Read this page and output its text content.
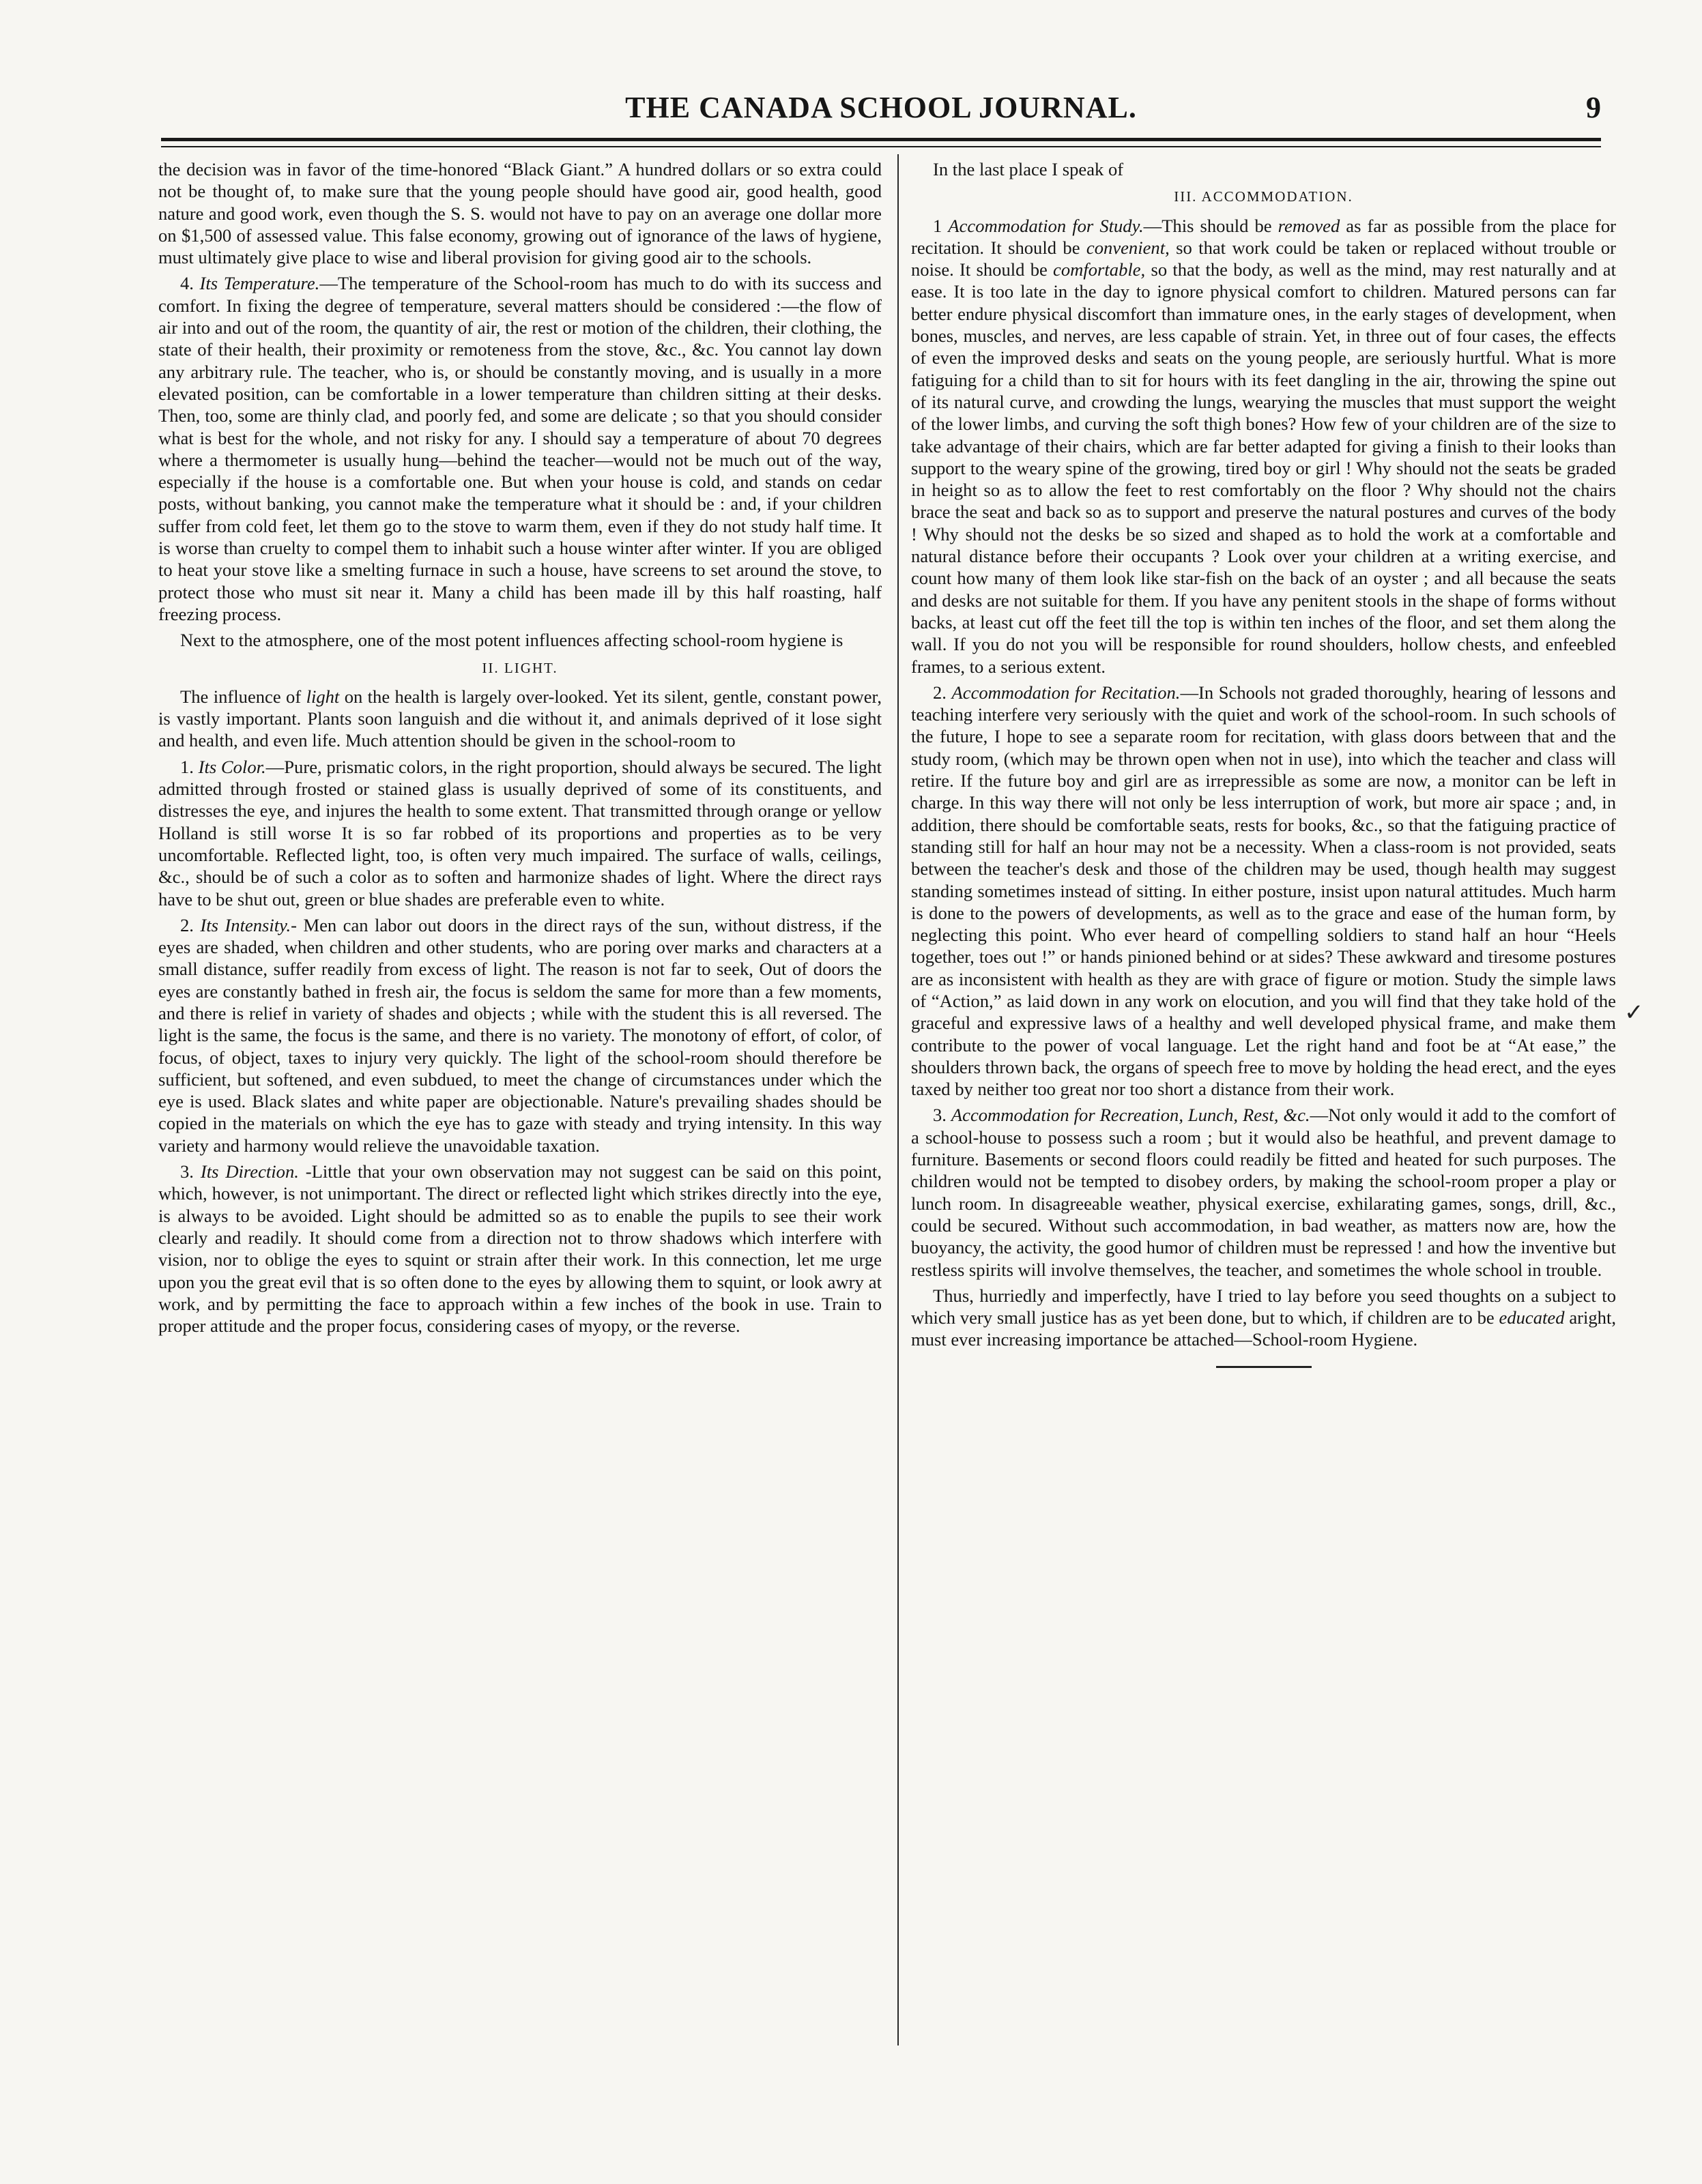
THE CANADA SCHOOL JOURNAL.	9

the decision was in favor of the time-honored “Black Giant.” A hundred dollars or so extra could not be thought of, to make sure that the young people should have good air, good health, good nature and good work, even though the S. S. would not have to pay on an average one dollar more on $1,500 of assessed value. This false economy, growing out of ignorance of the laws of hygiene, must ultimately give place to wise and liberal provision for giving good air to the schools.

4. Its Temperature.—The temperature of the School-room has much to do with its success and comfort. In fixing the degree of temperature, several matters should be considered :—the flow of air into and out of the room, the quantity of air, the rest or motion of the children, their clothing, the state of their health, their proximity or remoteness from the stove, &c., &c. You cannot lay down any arbitrary rule. The teacher, who is, or should be constantly moving, and is usually in a more elevated position, can be comfortable in a lower temperature than children sitting at their desks. Then, too, some are thinly clad, and poorly fed, and some are delicate ; so that you should consider what is best for the whole, and not risky for any. I should say a temperature of about 70 degrees where a thermometer is usually hung—behind the teacher—would not be much out of the way, especially if the house is a comfortable one. But when your house is cold, and stands on cedar posts, without banking, you cannot make the temperature what it should be : and, if your children suffer from cold feet, let them go to the stove to warm them, even if they do not study half time. It is worse than cruelty to compel them to inhabit such a house winter after winter. If you are obliged to heat your stove like a smelting furnace in such a house, have screens to set around the stove, to protect those who must sit near it. Many a child has been made ill by this half roasting, half freezing process.

Next to the atmosphere, one of the most potent influences affecting school-room hygiene is

II. LIGHT.

The influence of light on the health is largely over-looked. Yet its silent, gentle, constant power, is vastly important. Plants soon languish and die without it, and animals deprived of it lose sight and health, and even life. Much attention should be given in the school-room to

1. Its Color.—Pure, prismatic colors, in the right proportion, should always be secured. The light admitted through frosted or stained glass is usually deprived of some of its constituents, and distresses the eye, and injures the health to some extent. That transmitted through orange or yellow Holland is still worse It is so far robbed of its proportions and properties as to be very uncomfortable. Reflected light, too, is often very much impaired. The surface of walls, ceilings, &c., should be of such a color as to soften and harmonize shades of light. Where the direct rays have to be shut out, green or blue shades are preferable even to white.

2. Its Intensity.- Men can labor out doors in the direct rays of the sun, without distress, if the eyes are shaded, when children and other students, who are poring over marks and characters at a small distance, suffer readily from excess of light. The reason is not far to seek, Out of doors the eyes are constantly bathed in fresh air, the focus is seldom the same for more than a few moments, and there is relief in variety of shades and objects ; while with the student this is all reversed. The light is the same, the focus is the same, and there is no variety. The monotony of effort, of color, of focus, of object, taxes to injury very quickly. The light of the school-room should therefore be sufficient, but softened, and even subdued, to meet the change of circumstances under which the eye is used. Black slates and white paper are objectionable. Nature's prevailing shades should be copied in the materials on which the eye has to gaze with steady and trying intensity. In this way variety and harmony would relieve the unavoidable taxation.

3. Its Direction. -Little that your own observation may not suggest can be said on this point, which, however, is not unimportant. The direct or reflected light which strikes directly into the eye, is always to be avoided. Light should be admitted so as to enable the pupils to see their work clearly and readily. It should come from a direction not to throw shadows which interfere with vision, nor to oblige the eyes to squint or strain after their work. In this connection, let me urge upon you the great evil that is so often done to the eyes by allowing them to squint, or look awry at work, and by permitting the face to approach within a few inches of the book in use. Train to proper attitude and the proper focus, considering cases of myopy, or the reverse.

In the last place I speak of

III. ACCOMMODATION.

1 Accommodation for Study.—This should be removed as far as possible from the place for recitation. It should be convenient, so that work could be taken or replaced without trouble or noise. It should be comfortable, so that the body, as well as the mind, may rest naturally and at ease. It is too late in the day to ignore physical comfort to children. Matured persons can far better endure physical discomfort than immature ones, in the early stages of development, when bones, muscles, and nerves, are less capable of strain. Yet, in three out of four cases, the effects of even the improved desks and seats on the young people, are seriously hurtful. What is more fatiguing for a child than to sit for hours with its feet dangling in the air, throwing the spine out of its natural curve, and crowding the lungs, wearying the muscles that must support the weight of the lower limbs, and curving the soft thigh bones? How few of your children are of the size to take advantage of their chairs, which are far better adapted for giving a finish to their looks than support to the weary spine of the growing, tired boy or girl ! Why should not the seats be graded in height so as to allow the feet to rest comfortably on the floor ? Why should not the chairs brace the seat and back so as to support and preserve the natural postures and curves of the body ! Why should not the desks be so sized and shaped as to hold the work at a comfortable and natural distance before their occupants ? Look over your children at a writing exercise, and count how many of them look like star-fish on the back of an oyster ; and all because the seats and desks are not suitable for them. If you have any penitent stools in the shape of forms without backs, at least cut off the feet till the top is within ten inches of the floor, and set them along the wall. If you do not you will be responsible for round shoulders, hollow chests, and enfeebled frames, to a serious extent.

2. Accommodation for Recitation.—In Schools not graded thoroughly, hearing of lessons and teaching interfere very seriously with the quiet and work of the school-room. In such schools of the future, I hope to see a separate room for recitation, with glass doors between that and the study room, (which may be thrown open when not in use), into which the teacher and class will retire. If the future boy and girl are as irrepressible as some are now, a monitor can be left in charge. In this way there will not only be less interruption of work, but more air space ; and, in addition, there should be comfortable seats, rests for books, &c., so that the fatiguing practice of standing still for half an hour may not be a necessity. When a class-room is not provided, seats between the teacher's desk and those of the children may be used, though health may suggest standing sometimes instead of sitting. In either posture, insist upon natural attitudes. Much harm is done to the powers of developments, as well as to the grace and ease of the human form, by neglecting this point. Who ever heard of compelling soldiers to stand half an hour “Heels together, toes out !” or hands pinioned behind or at sides? These awkward and tiresome postures are as inconsistent with health as they are with grace of figure or motion. Study the simple laws of “Action,” as laid down in any work on elocution, and you will find that they take hold of the graceful and expressive laws of a healthy and well developed physical frame, and make them contribute to the power of vocal language. Let the right hand and foot be at “At ease,” the shoulders thrown back, the organs of speech free to move by holding the head erect, and the eyes taxed by neither too great nor too short a distance from their work.

3. Accommodation for Recreation, Lunch, Rest, &c.—Not only would it add to the comfort of a school-house to possess such a room ; but it would also be heathful, and prevent damage to furniture. Basements or second floors could readily be fitted and heated for such purposes. The children would not be tempted to disobey orders, by making the school-room proper a play or lunch room. In disagreeable weather, physical exercise, exhilarating games, songs, drill, &c., could be secured. Without such accommodation, in bad weather, as matters now are, how the buoyancy, the activity, the good humor of children must be repressed ! and how the inventive but restless spirits will involve themselves, the teacher, and sometimes the whole school in trouble.

Thus, hurriedly and imperfectly, have I tried to lay before you seed thoughts on a subject to which very small justice has as yet been done, but to which, if children are to be educated aright, must ever increasing importance be attached—School-room Hygiene.

✓
